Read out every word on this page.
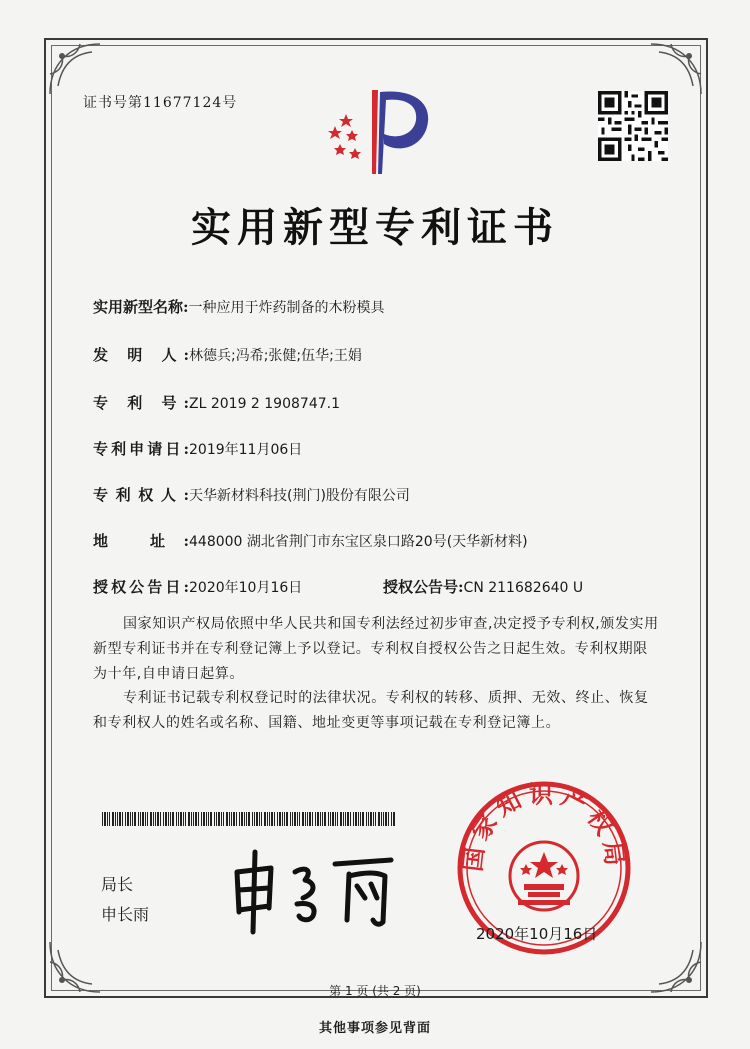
证书号第11677124号
实用新型专利证书
实用新型名称:一种应用于炸药制备的木粉模具
发 明 人:林德兵;冯希;张健;伍华;王娟
专 利 号:ZL 2019 2 1908747.1
专利申请日:2019年11月06日
专利权人:天华新材料科技(荆门)股份有限公司
地 址:448000 湖北省荆门市东宝区泉口路20号(天华新材料)
授权公告日:2020年10月16日	授权公告号:CN 211682640 U
国家知识产权局依照中华人民共和国专利法经过初步审查,决定授予专利权,颁发实用新型专利证书并在专利登记簿上予以登记。专利权自授权公告之日起生效。专利权期限为十年,自申请日起算。
专利证书记载专利权登记时的法律状况。专利权的转移、质押、无效、终止、恢复和专利权人的姓名或名称、国籍、地址变更等事项记载在专利登记簿上。
局长
申长雨
国家知识产权局
2020年10月16日
第 1 页 (共 2 页)
其他事项参见背面
